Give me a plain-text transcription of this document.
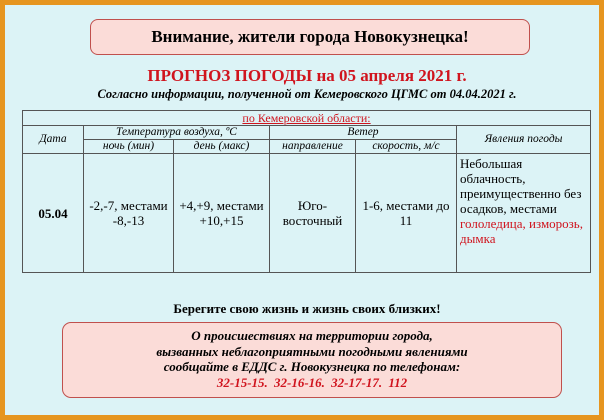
Внимание, жители города Новокузнецка!
ПРОГНОЗ ПОГОДЫ на 05 апреля 2021 г.
Согласно информации, полученной от Кемеровского ЦГМС от 04.04.2021 г.
по Кемеровской области:					
Дата	Температура воздуха, ºС		Ветер		Явления погоды
	ночь (мин)	день (макс)	направление	скорость, м/с	
05.04	-2,-7, местами -8,-13	+4,+9, местами +10,+15	Юго-восточный	1-6, местами до 11	Небольшая облачность, преимущественно без осадков, местами гололедица, изморозь, дымка
Берегите свою жизнь и жизнь своих близких!
О происшествиях на территории города,
вызванных неблагоприятными погодными явлениями
сообщайте в ЕДДС г. Новокузнецка по телефонам:
32-15-15. 32-16-16. 32-17-17. 112
